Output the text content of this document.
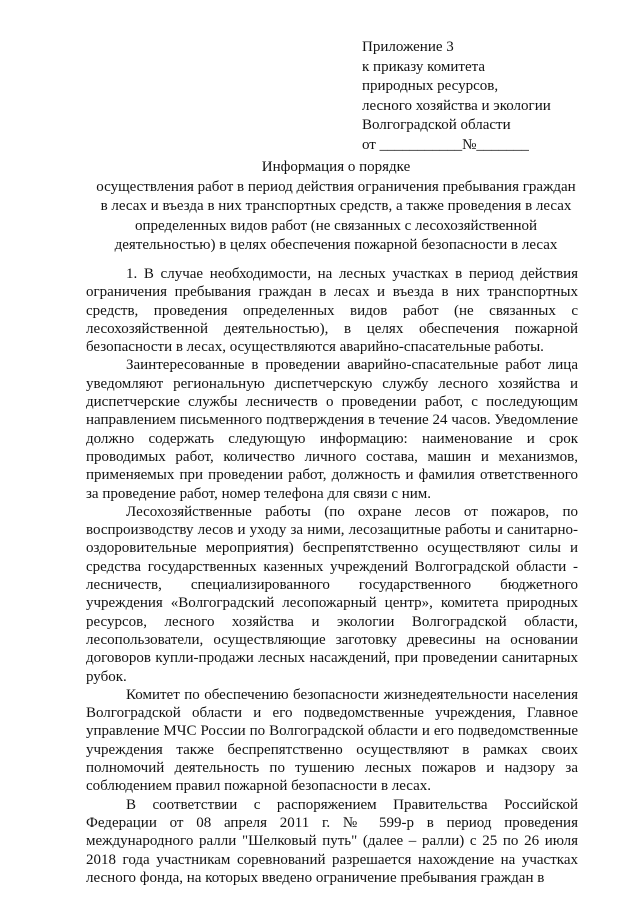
Приложение 3
к приказу комитета
природных ресурсов,
лесного хозяйства и экологии
Волгоградской области
от ___________№_______
Информация о порядке
осуществления работ в период действия ограничения пребывания граждан
в лесах и въезда в них транспортных средств, а также проведения в лесах
определенных видов работ (не связанных с лесохозяйственной
деятельностью) в целях обеспечения пожарной безопасности в лесах

1. В случае необходимости, на лесных участках в период действия ограничения пребывания граждан в лесах и въезда в них транспортных средств, проведения определенных видов работ (не связанных с лесохозяйственной деятельностью), в целях обеспечения пожарной безопасности в лесах, осуществляются аварийно-спасательные работы.

Заинтересованные в проведении аварийно-спасательные работ лица уведомляют региональную диспетчерскую службу лесного хозяйства и диспетчерские службы лесничеств о проведении работ, с последующим направлением письменного подтверждения в течение 24 часов. Уведомление должно содержать следующую информацию: наименование и срок проводимых работ, количество личного состава, машин и механизмов, применяемых при проведении работ, должность и фамилия ответственного за проведение работ, номер телефона для связи с ним.

Лесохозяйственные работы (по охране лесов от пожаров, по воспроизводству лесов и уходу за ними, лесозащитные работы и санитарно-оздоровительные мероприятия) беспрепятственно осуществляют силы и средства государственных казенных учреждений Волгоградской области - лесничеств, специализированного государственного бюджетного учреждения «Волгоградский лесопожарный центр», комитета природных ресурсов, лесного хозяйства и экологии Волгоградской области, лесопользователи, осуществляющие заготовку древесины на основании договоров купли-продажи лесных насаждений, при проведении санитарных рубок.

Комитет по обеспечению безопасности жизнедеятельности населения Волгоградской области и его подведомственные учреждения, Главное управление МЧС России по Волгоградской области и его подведомственные учреждения также беспрепятственно осуществляют в рамках своих полномочий деятельность по тушению лесных пожаров и надзору за соблюдением правил пожарной безопасности в лесах.

В соответствии с распоряжением Правительства Российской Федерации от 08 апреля 2011 г. № 599-р в период проведения международного ралли "Шелковый путь" (далее – ралли) с 25 по 26 июля 2018 года участникам соревнований разрешается нахождение на участках лесного фонда, на которых введено ограничение пребывания граждан в
